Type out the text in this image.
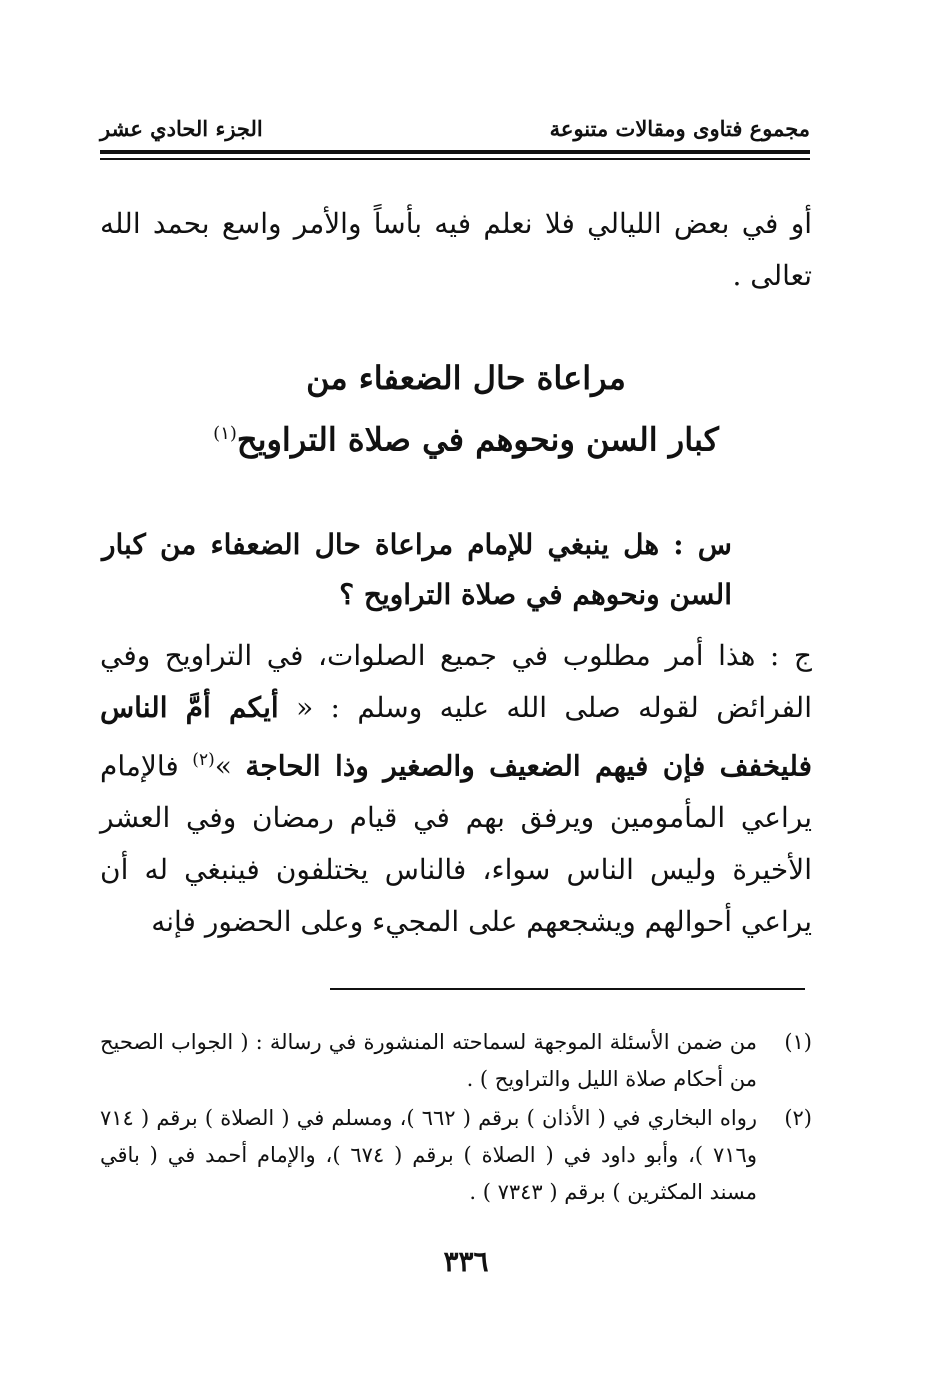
مجموع فتاوى ومقالات متنوعة
الجزء الحادي عشر
أو في بعض الليالي فلا نعلم فيه بأساً والأمر واسع بحمد الله تعالى .
مراعاة حال الضعفاء من
كبار السن ونحوهم في صلاة التراويح$^{(١)}$
س : هل ينبغي للإمام مراعاة حال الضعفاء من كبار السن ونحوهم في صلاة التراويح ؟
ج : هذا أمر مطلوب في جميع الصلوات، في التراويح وفي الفرائض لقوله صلى الله عليه وسلم : « أيكم أمَّ الناس فليخفف فإن فيهم الضعيف والصغير وذا الحاجة »$^{(٢)}$ فالإمام يراعي المأمومين ويرفق بهم في قيام رمضان وفي العشر الأخيرة وليس الناس سواء، فالناس يختلفون فينبغي له أن يراعي أحوالهم ويشجعهم على المجيء وعلى الحضور فإنه
(١)
من ضمن الأسئلة الموجهة لسماحته المنشورة في رسالة : ( الجواب الصحيح من أحكام صلاة الليل والتراويح ) .
(٢)
رواه البخاري في ( الأذان ) برقم ( ٦٦٢ )، ومسلم في ( الصلاة ) برقم ( ٧١٤ و٧١٦ )، وأبو داود في ( الصلاة ) برقم ( ٦٧٤ )، والإمام أحمد في ( باقي مسند المكثرين ) برقم ( ٧٣٤٣ ) .
٣٣٦
